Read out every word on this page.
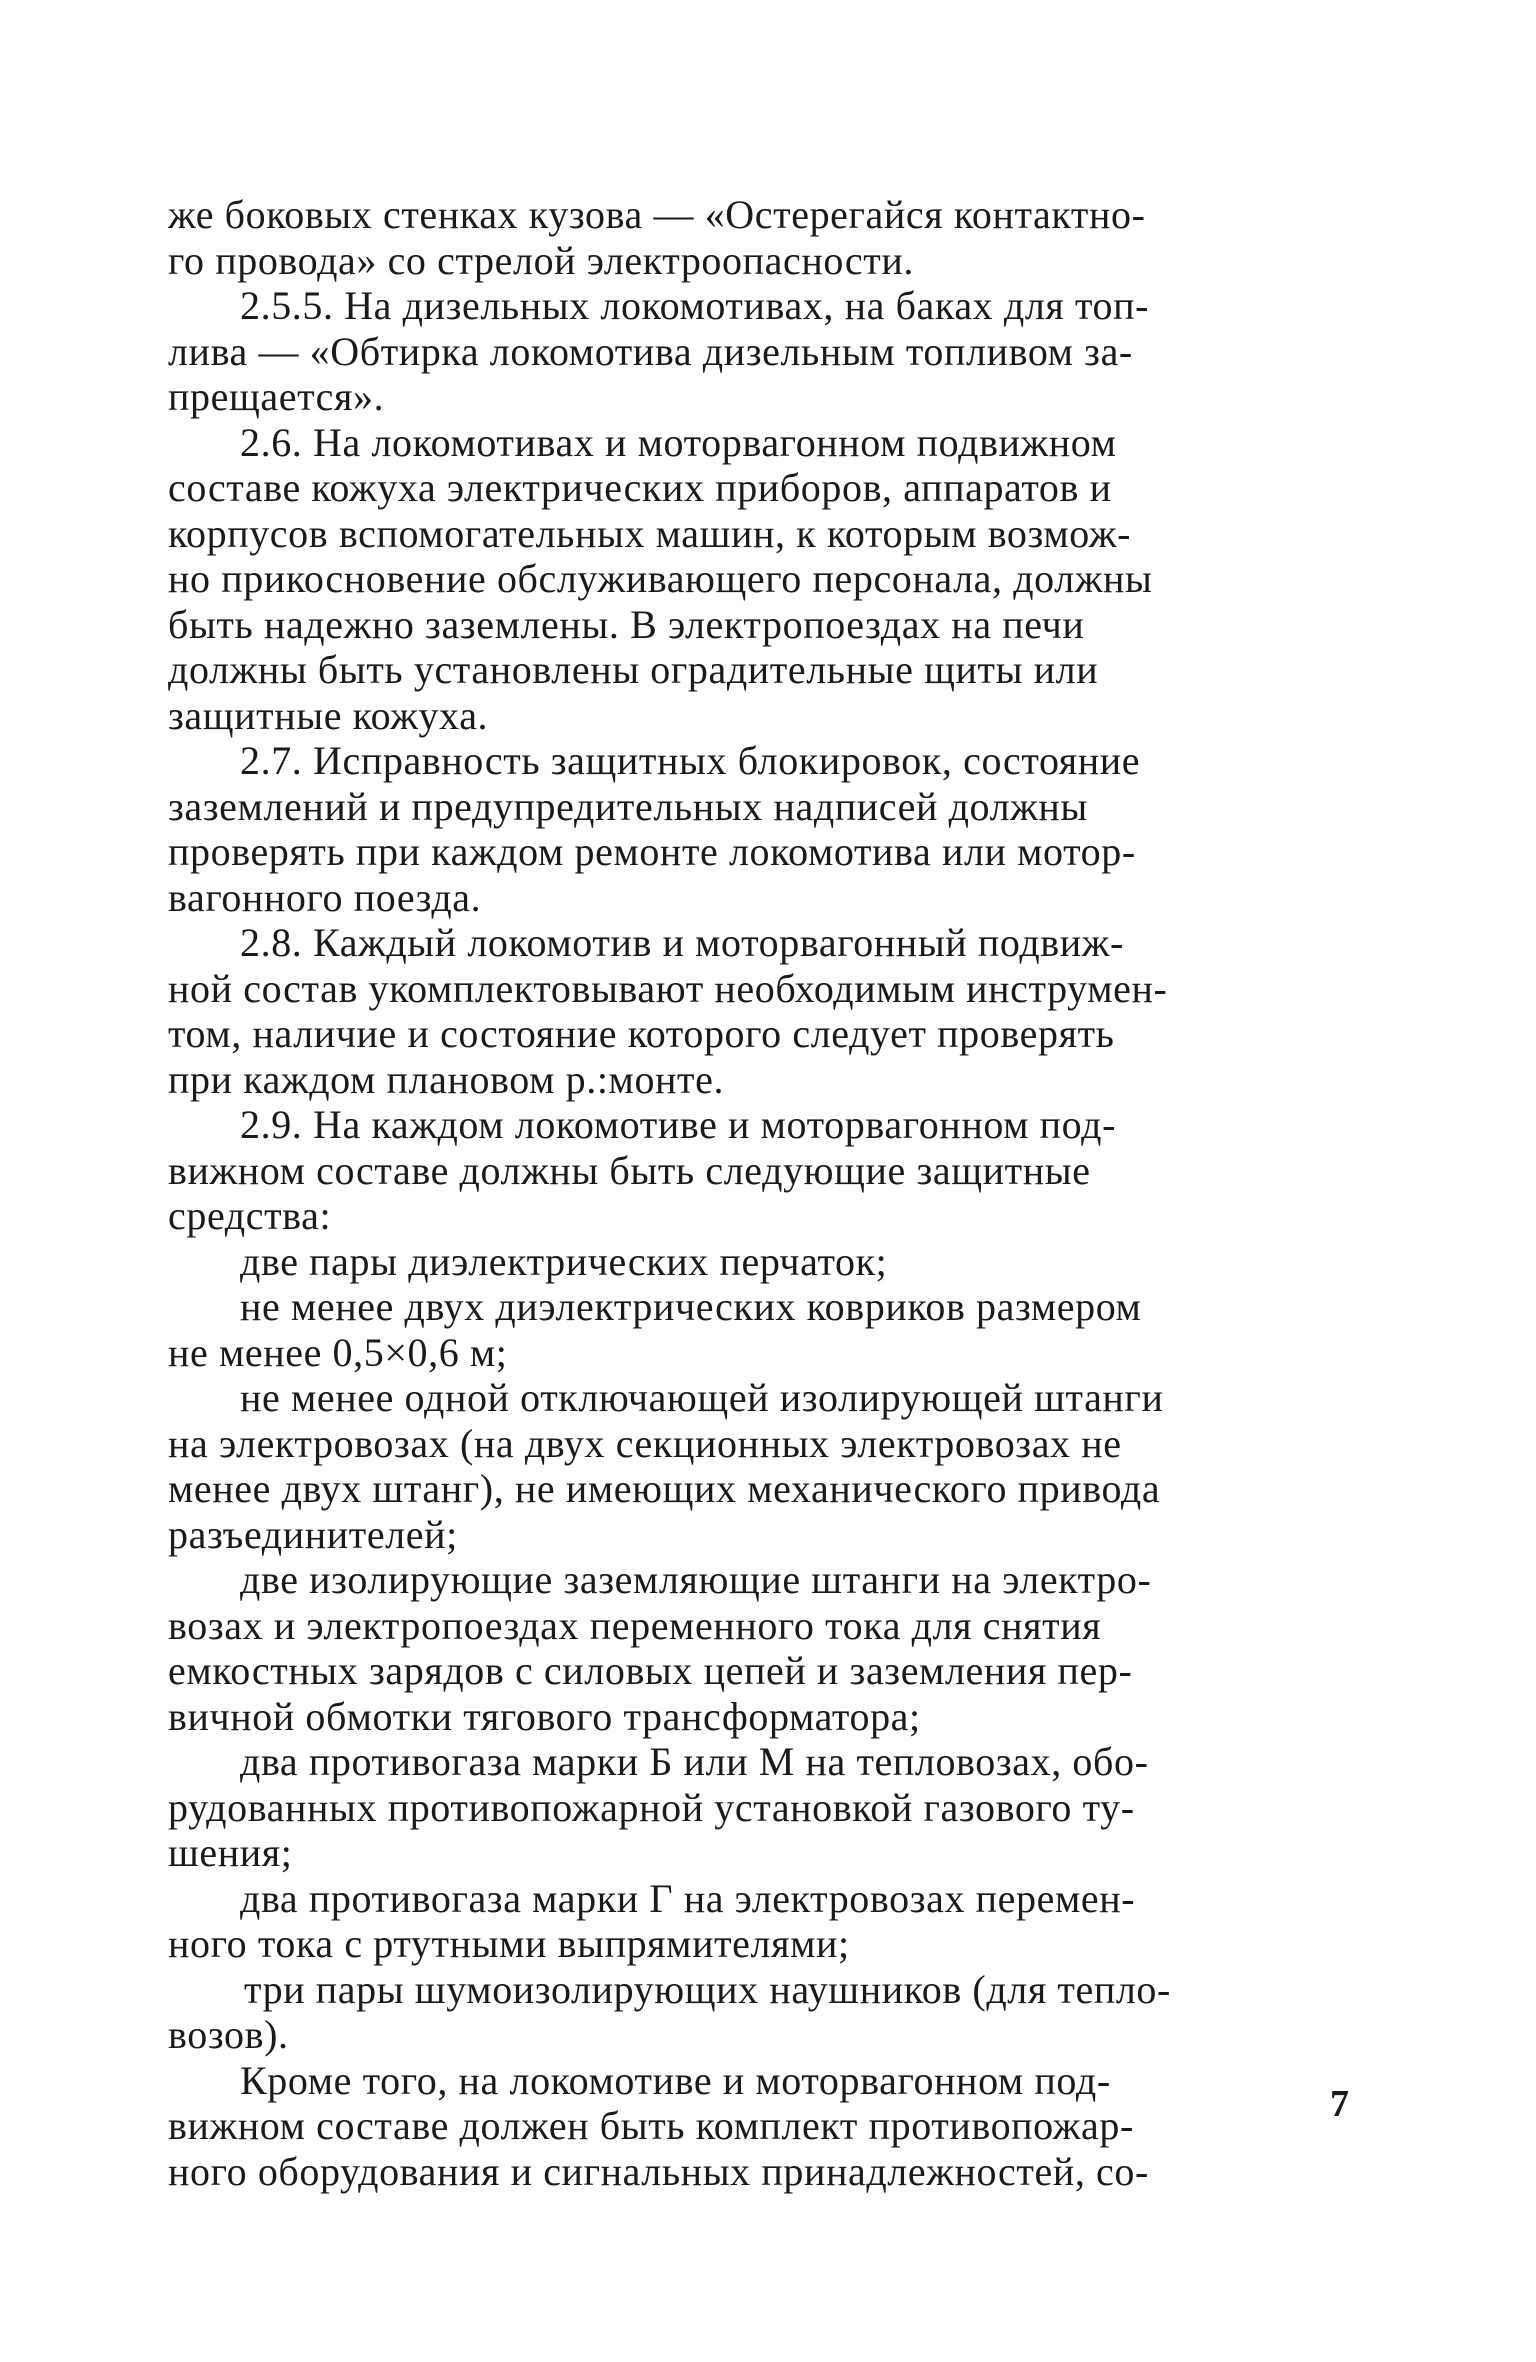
же боковых стенках кузова — «Остерегайся контактно-
го провода» со стрелой электроопасности.
2.5.5. На дизельных локомотивах, на баках для топ-
лива — «Обтирка локомотива дизельным топливом за-
прещается».
2.6. На локомотивах и моторвагонном подвижном
составе кожуха электрических приборов, аппаратов и
корпусов вспомогательных машин, к которым возмож-
но прикосновение обслуживающего персонала, должны
быть надежно заземлены. В электропоездах на печи
должны быть установлены оградительные щиты или
защитные кожуха.
2.7. Исправность защитных блокировок, состояние
заземлений и предупредительных надписей должны
проверять при каждом ремонте локомотива или мотор-
вагонного поезда.
2.8. Каждый локомотив и моторвагонный подвиж-
ной состав укомплектовывают необходимым инструмен-
том, наличие и состояние которого следует проверять
при каждом плановом р.:монте.
2.9. На каждом локомотиве и моторвагонном под-
вижном составе должны быть следующие защитные
средства:
две пары диэлектрических перчаток;
не менее двух диэлектрических ковриков размером
не менее 0,5×0,6 м;
не менее одной отключающей изолирующей штанги
на электровозах (на двух секционных электровозах не
менее двух штанг), не имеющих механического привода
разъединителей;
две изолирующие заземляющие штанги на электро-
возах и электропоездах переменного тока для снятия
емкостных зарядов с силовых цепей и заземления пер-
вичной обмотки тягового трансформатора;
два противогаза марки Б или М на тепловозах, обо-
рудованных противопожарной установкой газового ту-
шения;
два противогаза марки Г на электровозах перемен-
ного тока с ртутными выпрямителями;
три пары шумоизолирующих наушников (для тепло-
возов).
Кроме того, на локомотиве и моторвагонном под-
вижном составе должен быть комплект противопожар-
ного оборудования и сигнальных принадлежностей, со-
7
